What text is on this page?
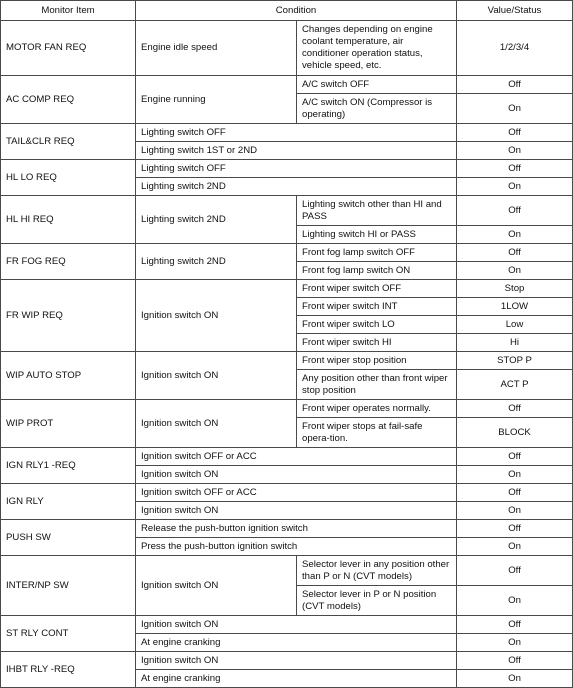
Monitor Item	Condition		Value/Status
MOTOR FAN REQ	Engine idle speed	Changes depending on engine coolant temperature, air conditioner operation status, vehicle speed, etc.	1/2/3/4
AC COMP REQ	Engine running	A/C switch OFF	Off
		A/C switch ON (Compressor is operating)	On
TAIL&CLR REQ	Lighting switch OFF		Off
	Lighting switch 1ST or 2ND		On
HL LO REQ	Lighting switch OFF		Off
	Lighting switch 2ND		On
HL HI REQ	Lighting switch 2ND	Lighting switch other than HI and PASS	Off
		Lighting switch HI or PASS	On
FR FOG REQ	Lighting switch 2ND	Front fog lamp switch OFF	Off
		Front fog lamp switch ON	On
FR WIP REQ	Ignition switch ON	Front wiper switch OFF	Stop
		Front wiper switch INT	1LOW
		Front wiper switch LO	Low
		Front wiper switch HI	Hi
WIP AUTO STOP	Ignition switch ON	Front wiper stop position	STOP P
		Any position other than front wiper stop position	ACT P
WIP PROT	Ignition switch ON	Front wiper operates normally.	Off
		Front wiper stops at fail-safe opera-tion.	BLOCK
IGN RLY1 -REQ	Ignition switch OFF or ACC		Off
	Ignition switch ON		On
IGN RLY	Ignition switch OFF or ACC		Off
	Ignition switch ON		On
PUSH SW	Release the push-button ignition switch		Off
	Press the push-button ignition switch		On
INTER/NP SW	Ignition switch ON	Selector lever in any position other than P or N (CVT models)	Off
		Selector lever in P or N position (CVT models)	On
ST RLY CONT	Ignition switch ON		Off
	At engine cranking		On
IHBT RLY -REQ	Ignition switch ON		Off
	At engine cranking		On
